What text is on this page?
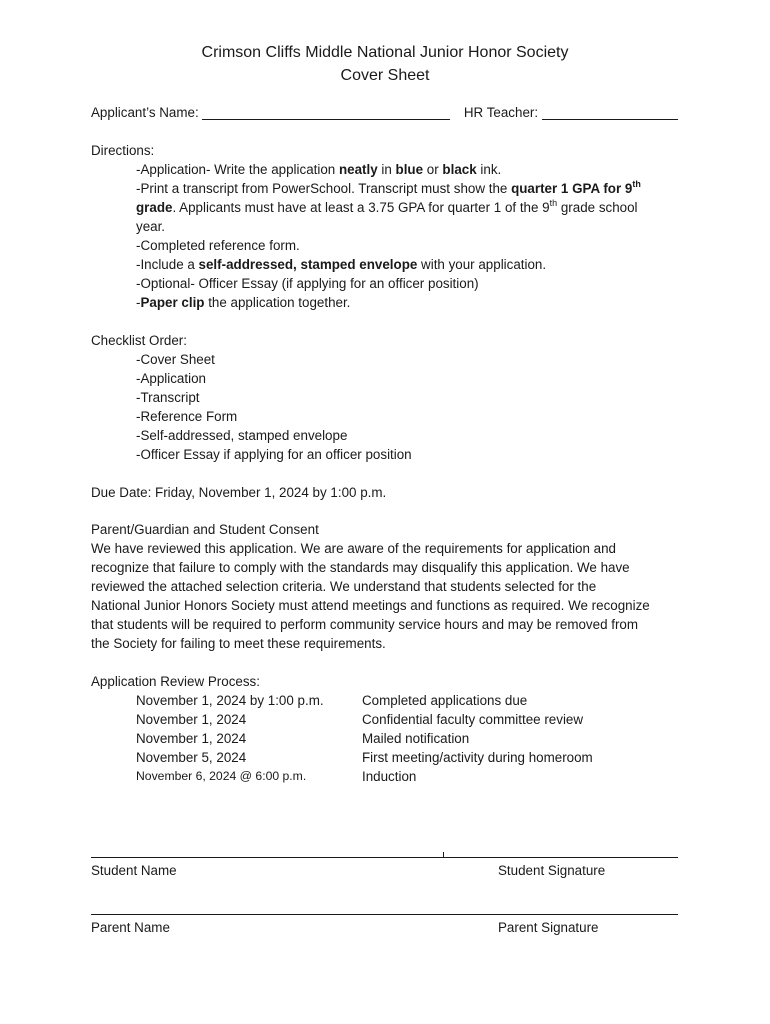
Crimson Cliffs Middle National Junior Honor Society
Cover Sheet
Applicant’s Name:	HR Teacher:
Directions:
-Application- Write the application neatly in blue or black ink.
-Print a transcript from PowerSchool. Transcript must show the quarter 1 GPA for 9th
grade. Applicants must have at least a 3.75 GPA for quarter 1 of the 9th grade school
year.
-Completed reference form.
-Include a self-addressed, stamped envelope with your application.
-Optional- Officer Essay (if applying for an officer position)
-Paper clip the application together.
Checklist Order:
-Cover Sheet
-Application
-Transcript
-Reference Form
-Self-addressed, stamped envelope
-Officer Essay if applying for an officer position
Due Date: Friday, November 1, 2024 by 1:00 p.m.
Parent/Guardian and Student Consent
We have reviewed this application. We are aware of the requirements for application and
recognize that failure to comply with the standards may disqualify this application. We have
reviewed the attached selection criteria. We understand that students selected for the
National Junior Honors Society must attend meetings and functions as required. We recognize
that students will be required to perform community service hours and may be removed from
the Society for failing to meet these requirements.
Application Review Process:
November 1, 2024 by 1:00 p.m.	Completed applications due
November 1, 2024	Confidential faculty committee review
November 1, 2024	Mailed notification
November 5, 2024	First meeting/activity during homeroom
November 6, 2024 @ 6:00 p.m.	Induction
Student Name	Student Signature
Parent Name	Parent Signature
